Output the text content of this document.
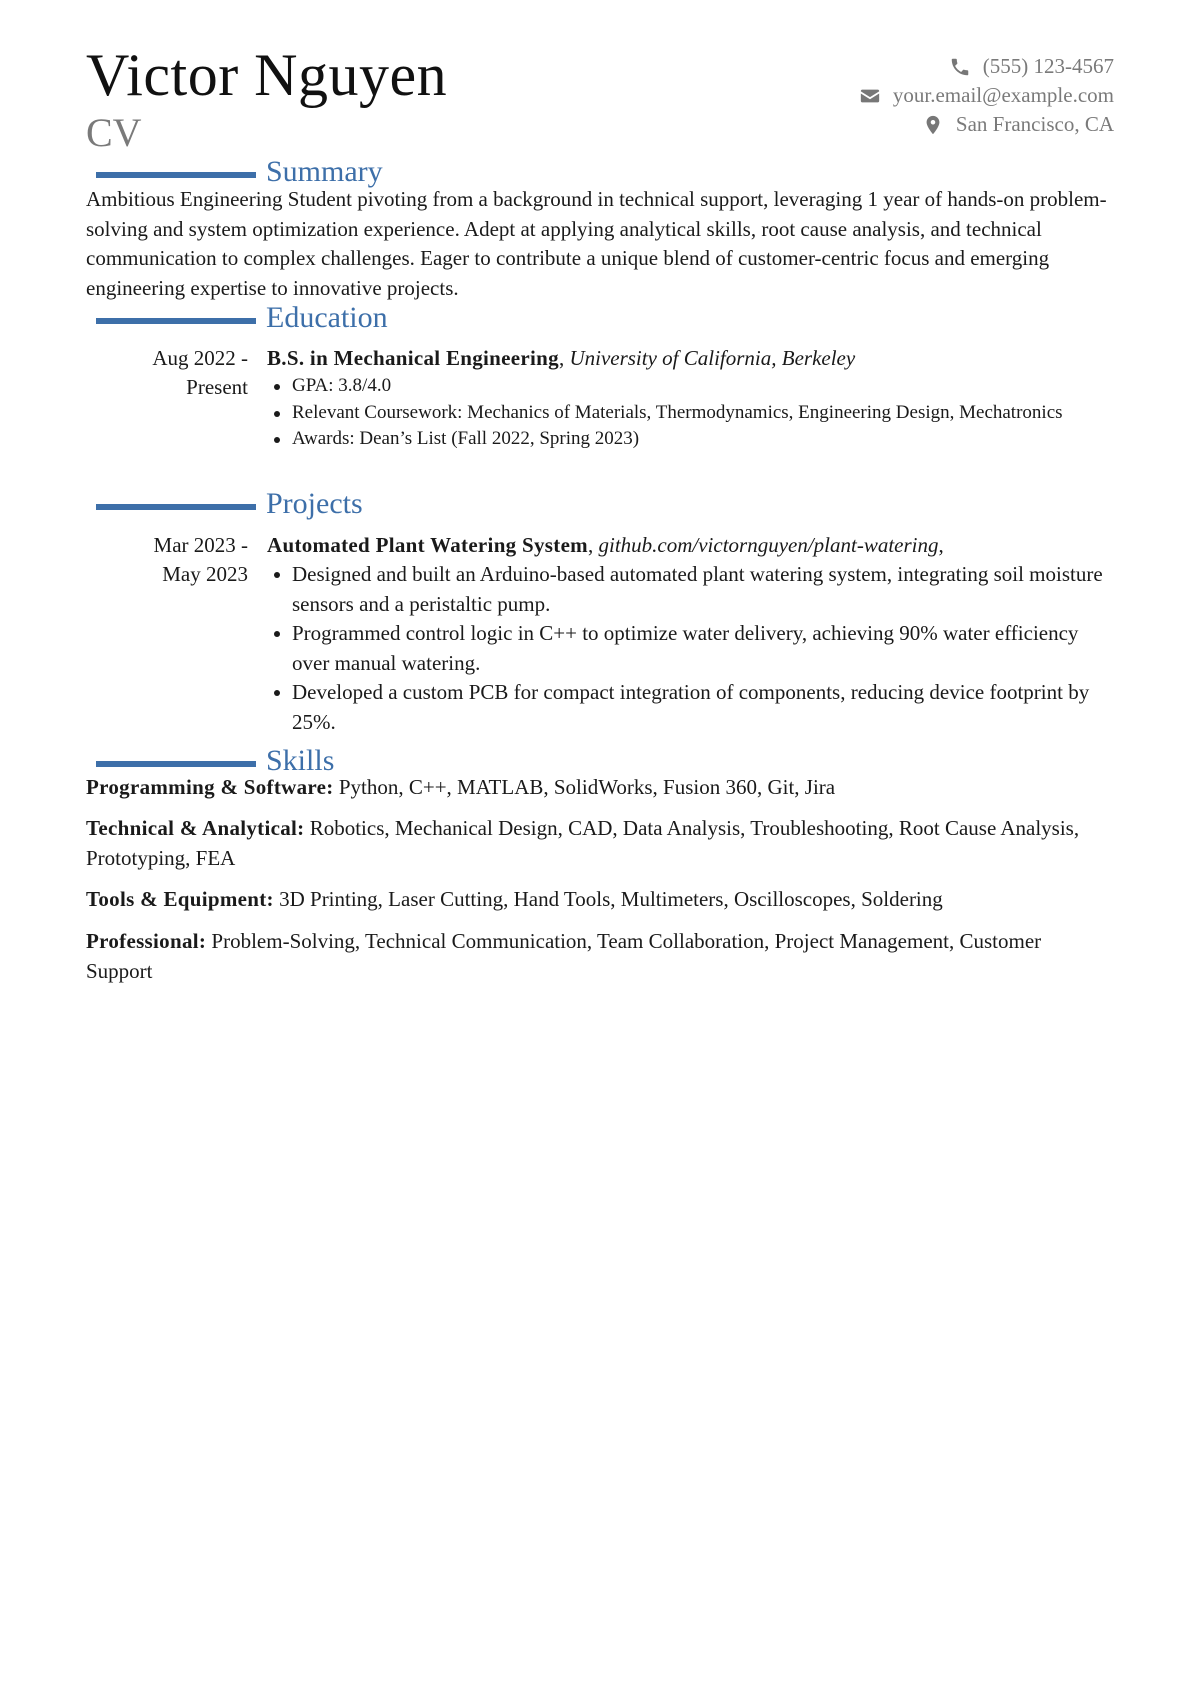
Victor Nguyen
CV
(555) 123-4567
your.email@example.com
San Francisco, CA
Summary
Ambitious Engineering Student pivoting from a background in technical support, leveraging 1 year of hands-on problem-solving and system optimization experience. Adept at applying analytical skills, root cause analysis, and technical communication to complex challenges. Eager to contribute a unique blend of customer-centric focus and emerging engineering expertise to innovative projects.
Education
Aug 2022 -
Present
B.S. in Mechanical Engineering, University of California, Berkeley
GPA: 3.8/4.0
Relevant Coursework: Mechanics of Materials, Thermodynamics, Engineering Design, Mechatronics
Awards: Dean’s List (Fall 2022, Spring 2023)
Projects
Mar 2023 -
May 2023
Automated Plant Watering System, github.com/victornguyen/plant-watering,
Designed and built an Arduino-based automated plant watering system, integrating soil moisture sensors and a peristaltic pump.
Programmed control logic in C++ to optimize water delivery, achieving 90% water efficiency over manual watering.
Developed a custom PCB for compact integration of components, reducing device footprint by 25%.
Skills
Programming & Software: Python, C++, MATLAB, SolidWorks, Fusion 360, Git, Jira
Technical & Analytical: Robotics, Mechanical Design, CAD, Data Analysis, Troubleshooting, Root Cause Analysis, Prototyping, FEA
Tools & Equipment: 3D Printing, Laser Cutting, Hand Tools, Multimeters, Oscilloscopes, Soldering
Professional: Problem-Solving, Technical Communication, Team Collaboration, Project Management, Customer Support
